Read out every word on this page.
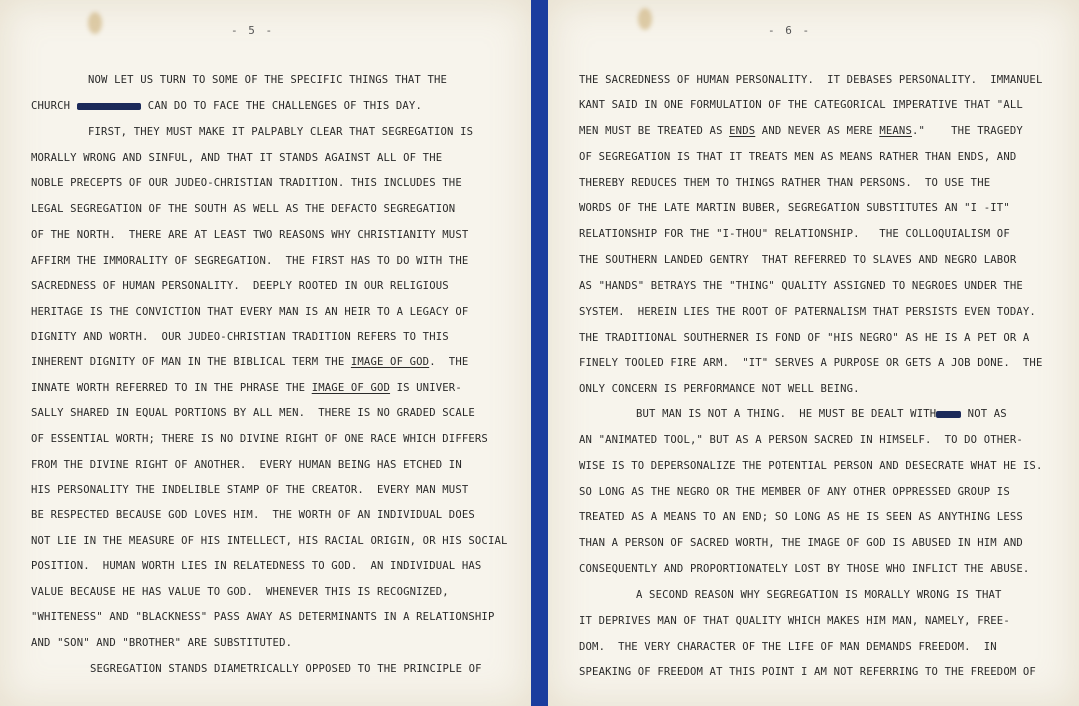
- 5 -
NOW LET US TURN TO SOME OF THE SPECIFIC THINGS THAT THE
CHURCH AND SYNAGOGUE CAN DO TO FACE THE CHALLENGES OF THIS DAY.
FIRST, THEY MUST MAKE IT PALPABLY CLEAR THAT SEGREGATION IS
MORALLY WRONG AND SINFUL, AND THAT IT STANDS AGAINST ALL OF THE
NOBLE PRECEPTS OF OUR JUDEO-CHRISTIAN TRADITION. THIS INCLUDES THE
LEGAL SEGREGATION OF THE SOUTH AS WELL AS THE DEFACTO SEGREGATION
OF THE NORTH.  THERE ARE AT LEAST TWO REASONS WHY CHRISTIANITY MUST
AFFIRM THE IMMORALITY OF SEGREGATION.  THE FIRST HAS TO DO WITH THE
SACREDNESS OF HUMAN PERSONALITY.  DEEPLY ROOTED IN OUR RELIGIOUS
HERITAGE IS THE CONVICTION THAT EVERY MAN IS AN HEIR TO A LEGACY OF
DIGNITY AND WORTH.  OUR JUDEO-CHRISTIAN TRADITION REFERS TO THIS
INHERENT DIGNITY OF MAN IN THE BIBLICAL TERM THE IMAGE OF GOD.  THE
INNATE WORTH REFERRED TO IN THE PHRASE THE IMAGE OF GOD IS UNIVER-
SALLY SHARED IN EQUAL PORTIONS BY ALL MEN.  THERE IS NO GRADED SCALE
OF ESSENTIAL WORTH; THERE IS NO DIVINE RIGHT OF ONE RACE WHICH DIFFERS
FROM THE DIVINE RIGHT OF ANOTHER.  EVERY HUMAN BEING HAS ETCHED IN
HIS PERSONALITY THE INDELIBLE STAMP OF THE CREATOR.  EVERY MAN MUST
BE RESPECTED BECAUSE GOD LOVES HIM.  THE WORTH OF AN INDIVIDUAL DOES
NOT LIE IN THE MEASURE OF HIS INTELLECT, HIS RACIAL ORIGIN, OR HIS SOCIAL
POSITION.  HUMAN WORTH LIES IN RELATEDNESS TO GOD.  AN INDIVIDUAL HAS
VALUE BECAUSE HE HAS VALUE TO GOD.  WHENEVER THIS IS RECOGNIZED,
"WHITENESS" AND "BLACKNESS" PASS AWAY AS DETERMINANTS IN A RELATIONSHIP
AND "SON" AND "BROTHER" ARE SUBSTITUTED.
SEGREGATION STANDS DIAMETRICALLY OPPOSED TO THE PRINCIPLE OF
- 6 -
THE SACREDNESS OF HUMAN PERSONALITY.  IT DEBASES PERSONALITY.  IMMANUEL
KANT SAID IN ONE FORMULATION OF THE CATEGORICAL IMPERATIVE THAT "ALL
MEN MUST BE TREATED AS ENDS AND NEVER AS MERE MEANS."    THE TRAGEDY
OF SEGREGATION IS THAT IT TREATS MEN AS MEANS RATHER THAN ENDS, AND
THEREBY REDUCES THEM TO THINGS RATHER THAN PERSONS.  TO USE THE
WORDS OF THE LATE MARTIN BUBER, SEGREGATION SUBSTITUTES AN "I -IT"
RELATIONSHIP FOR THE "I-THOU" RELATIONSHIP.   THE COLLOQUIALISM OF
THE SOUTHERN LANDED GENTRY  THAT REFERRED TO SLAVES AND NEGRO LABOR
AS "HANDS" BETRAYS THE "THING" QUALITY ASSIGNED TO NEGROES UNDER THE
SYSTEM.  HEREIN LIES THE ROOT OF PATERNALISM THAT PERSISTS EVEN TODAY.
THE TRADITIONAL SOUTHERNER IS FOND OF "HIS NEGRO" AS HE IS A PET OR A
FINELY TOOLED FIRE ARM.  "IT" SERVES A PURPOSE OR GETS A JOB DONE.  THE
ONLY CONCERN IS PERFORMANCE NOT WELL BEING.
BUT MAN IS NOT A THING.  HE MUST BE DEALT WITHAS IT NOT AS
AN "ANIMATED TOOL," BUT AS A PERSON SACRED IN HIMSELF.  TO DO OTHER-
WISE IS TO DEPERSONALIZE THE POTENTIAL PERSON AND DESECRATE WHAT HE IS.
SO LONG AS THE NEGRO OR THE MEMBER OF ANY OTHER OPPRESSED GROUP IS
TREATED AS A MEANS TO AN END; SO LONG AS HE IS SEEN AS ANYTHING LESS
THAN A PERSON OF SACRED WORTH, THE IMAGE OF GOD IS ABUSED IN HIM AND
CONSEQUENTLY AND PROPORTIONATELY LOST BY THOSE WHO INFLICT THE ABUSE.
A SECOND REASON WHY SEGREGATION IS MORALLY WRONG IS THAT
IT DEPRIVES MAN OF THAT QUALITY WHICH MAKES HIM MAN, NAMELY, FREE-
DOM.  THE VERY CHARACTER OF THE LIFE OF MAN DEMANDS FREEDOM.  IN
SPEAKING OF FREEDOM AT THIS POINT I AM NOT REFERRING TO THE FREEDOM OF
